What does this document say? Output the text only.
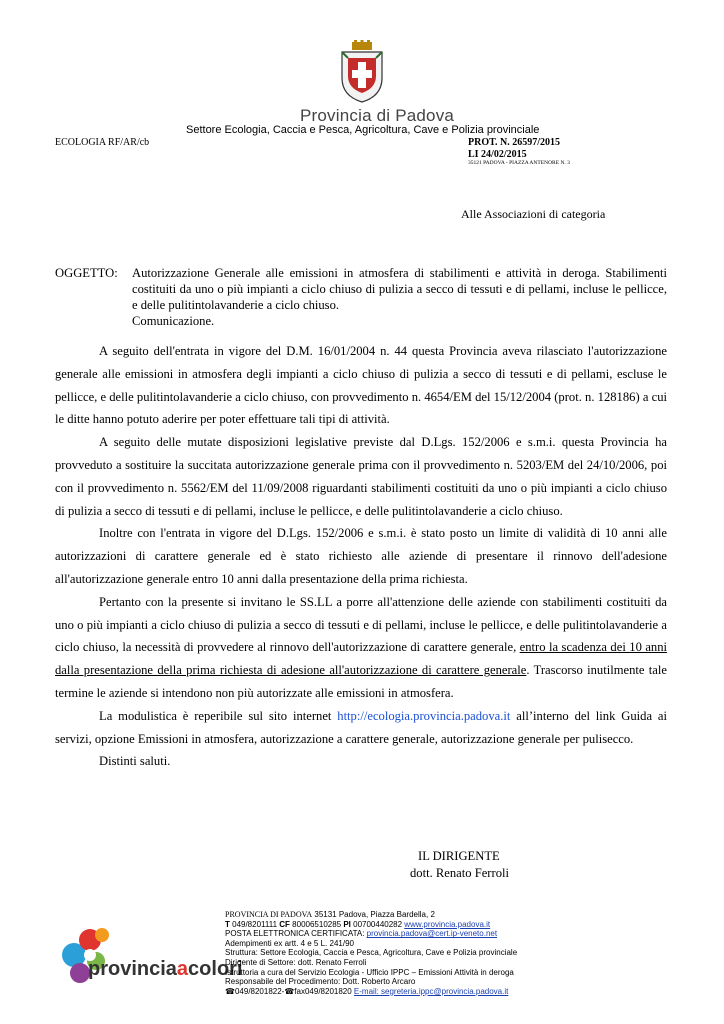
Provincia di Padova
Settore Ecologia, Caccia e Pesca, Agricoltura, Cave e Polizia provinciale
ECOLOGIA RF/AR/cb	PROT. N. 26597/2015
LI 24/02/2015
35121 PADOVA - PIAZZA ANTENORE N. 3
Alle Associazioni di categoria
OGGETTO: Autorizzazione Generale alle emissioni in atmosfera di stabilimenti e attività in deroga. Stabilimenti costituiti da uno o più impianti a ciclo chiuso di pulizia a secco di tessuti e di pellami, incluse le pellicce, e delle pulitintolavanderie a ciclo chiuso.
Comunicazione.

A seguito dell'entrata in vigore del D.M. 16/01/2004 n. 44 questa Provincia aveva rilasciato l'autorizzazione generale alle emissioni in atmosfera degli impianti a ciclo chiuso di pulizia a secco di tessuti e di pellami, escluse le pellicce, e delle pulitintolavanderie a ciclo chiuso, con provvedimento n. 4654/EM del 15/12/2004 (prot. n. 128186) a cui le ditte hanno potuto aderire per poter effettuare tali tipi di attività.

A seguito delle mutate disposizioni legislative previste dal D.Lgs. 152/2006 e s.m.i. questa Provincia ha provveduto a sostituire la succitata autorizzazione generale prima con il provvedimento n. 5203/EM del 24/10/2006, poi con il provvedimento n. 5562/EM del 11/09/2008 riguardanti stabilimenti costituiti da uno o più impianti a ciclo chiuso di pulizia a secco di tessuti e di pellami, incluse le pellicce, e delle pulitintolavanderie a ciclo chiuso.

Inoltre con l'entrata in vigore del D.Lgs. 152/2006 e s.m.i. è stato posto un limite di validità di 10 anni alle autorizzazioni di carattere generale ed è stato richiesto alle aziende di presentare il rinnovo dell'adesione all'autorizzazione generale entro 10 anni dalla presentazione della prima richiesta.

Pertanto con la presente si invitano le SS.LL a porre all'attenzione delle aziende con stabilimenti costituiti da uno o più impianti a ciclo chiuso di pulizia a secco di tessuti e di pellami, incluse le pellicce, e delle pulitintolavanderie a ciclo chiuso, la necessità di provvedere al rinnovo dell'autorizzazione di carattere generale, entro la scadenza dei 10 anni dalla presentazione della prima richiesta di adesione all'autorizzazione di carattere generale. Trascorso inutilmente tale termine le aziende si intendono non più autorizzate alle emissioni in atmosfera.

La modulistica è reperibile sul sito internet http://ecologia.provincia.padova.it all’interno del link Guida ai servizi, opzione Emissioni in atmosfera, autorizzazione a carattere generale, autorizzazione generale per pulisecco.

Distinti saluti.

IL DIRIGENTE
dott. Renato Ferroli
provinciaacolori
PROVINCIA DI PADOVA 35131 Padova, Piazza Bardella, 2
T 049/8201111 CF 80006510285 PI 00700440282 www.provincia.padova.it
POSTA ELETTRONICA CERTIFICATA: provincia.padova@cert.ip-veneto.net
Adempimenti ex artt. 4 e 5 L. 241/90
Struttura: Settore Ecologia, Caccia e Pesca, Agricoltura, Cave e Polizia provinciale
Dirigente di Settore: dott. Renato Ferroli
Istruttoria a cura del Servizio Ecologia - Ufficio IPPC – Emissioni Attività in deroga
Responsabile del Procedimento: Dott. Roberto Arcaro
☎049/8201822-☎fax049/8201820 E-mail: segreteria.ippc@provincia.padova.it
